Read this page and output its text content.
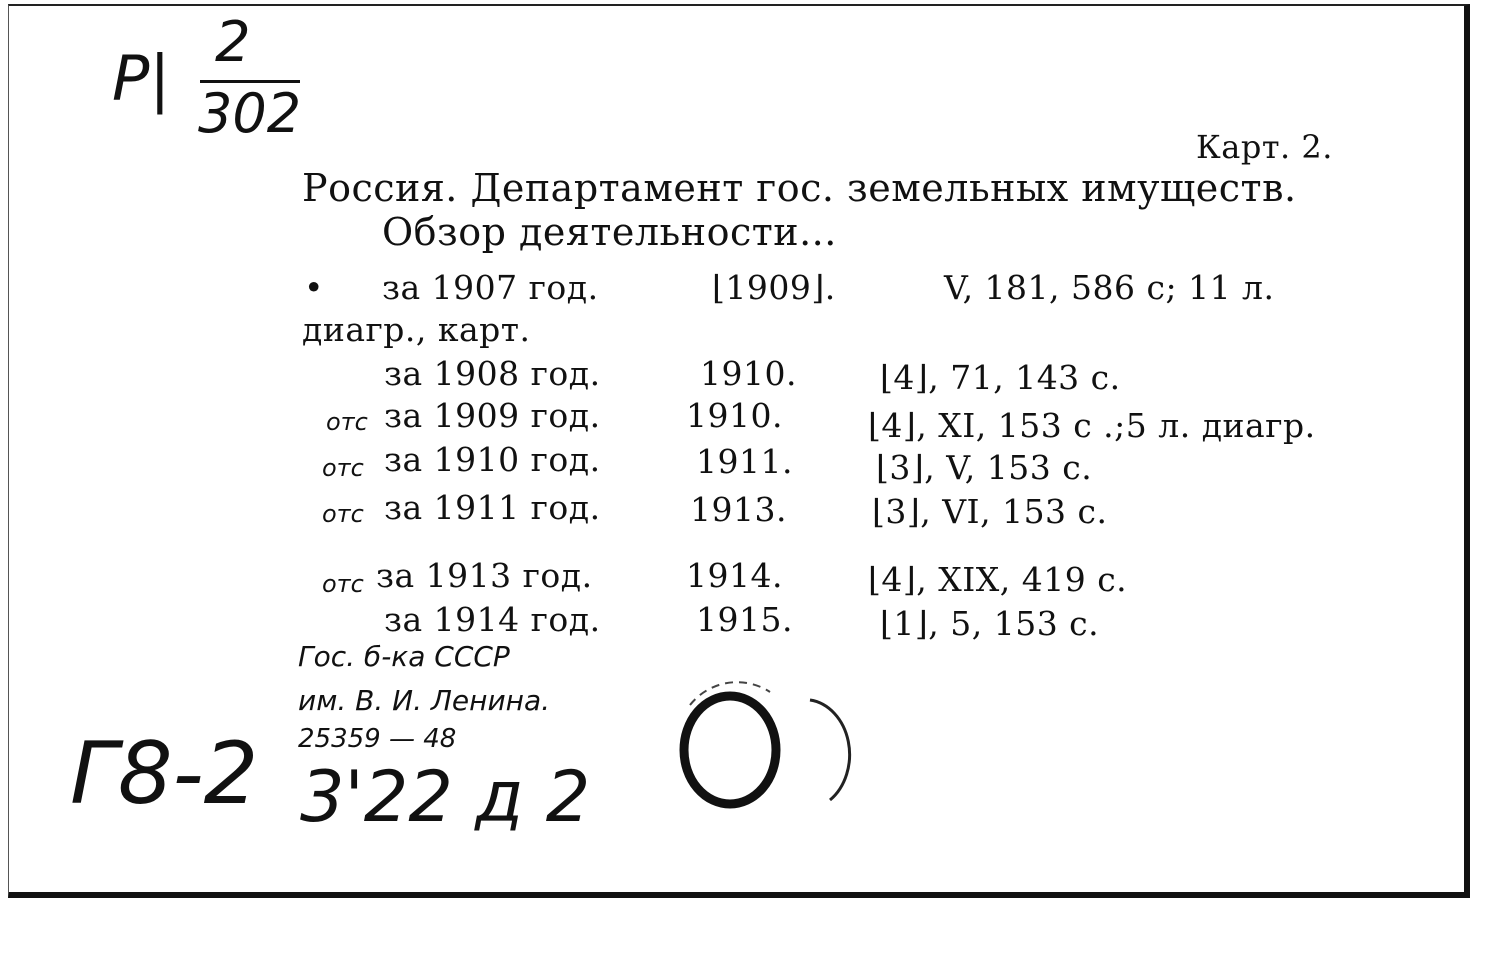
P| 2
302
Карт. 2.
Россия. Департамент гос. земельных имуществ.
Обзор деятельности...
• за 1907 год.	⌊1909⌋.	V, 181, 586 с; 11 л.
диагр., карт.
за 1908 год.	1910.	⌊4⌋, 71, 143 с.
отс за 1909 год.	1910.	⌊4⌋, XI, 153 с .;5 л. диагр.
отс за 1910 год.	1911.	⌊3⌋, V, 153 с.
отс за 1911 год.	1913.	⌊3⌋, VI, 153 с.
отс за 1913 год.	1914.	⌊4⌋, XIX, 419 с.
за 1914 год.	1915.	⌊1⌋, 5, 153 с.
Гос. б-ка СССР
им. В. И. Ленина.
25359 — 48
Г8-2 3'22 д 2
